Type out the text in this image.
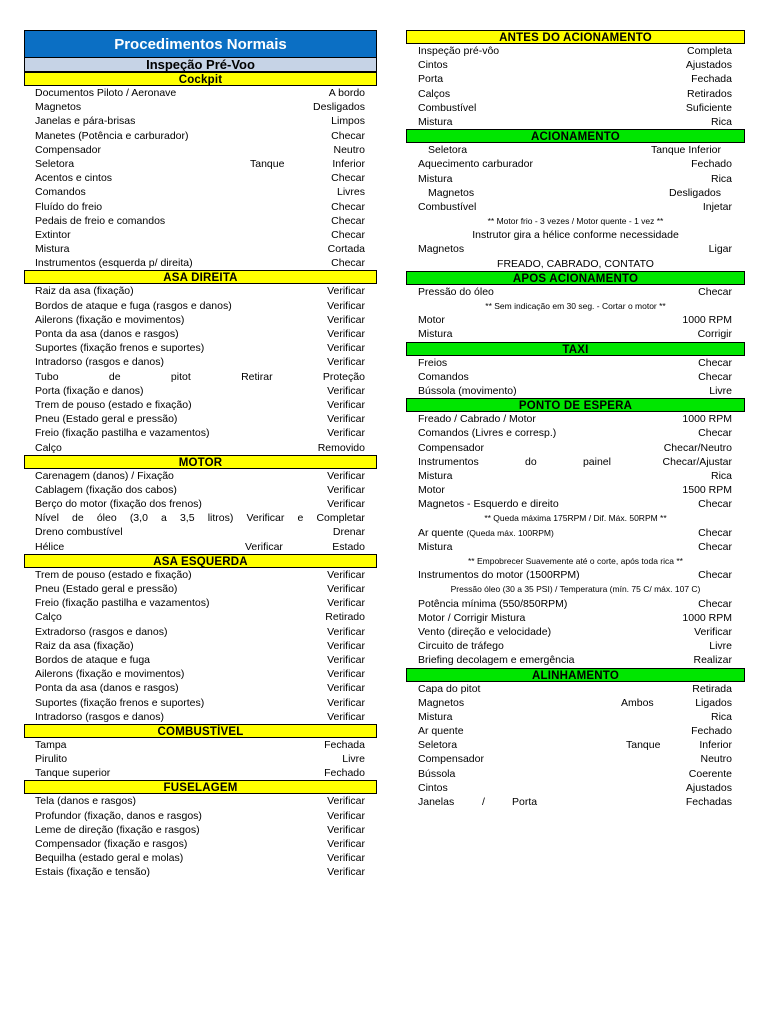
Procedimentos Normais
Inspeção Pré-Voo
Cockpit
Documentos Piloto / Aeronave	A bordo
Magnetos	Desligados
Janelas e pára-brisas	Limpos
Manetes (Potência e carburador)	Checar
Compensador	Neutro
Seletora	Tanque	Inferior
Acentos e cintos	Checar
Comandos	Livres
Fluído do freio	Checar
Pedais de freio e comandos	Checar
Extintor	Checar
Mistura	Cortada
Instrumentos (esquerda p/ direita)	Checar
ASA DIREITA
Raiz da asa (fixação)	Verificar
Bordos de ataque e fuga (rasgos e danos)	Verificar
Ailerons (fixação e movimentos)	Verificar
Ponta da asa (danos e rasgos)	Verificar
Suportes (fixação frenos e suportes)	Verificar
Intradorso (rasgos e danos)	Verificar
Tubo	de	pitot	Retirar	Proteção
Porta (fixação e danos)	Verificar
Trem de pouso (estado e fixação)	Verificar
Pneu (Estado geral e pressão)	Verificar
Freio (fixação pastilha e vazamentos)	Verificar
Calço	Removido
MOTOR
Carenagem (danos) / Fixação	Verificar
Cablagem (fixação dos cabos)	Verificar
Berço do motor (fixação dos frenos)	Verificar
Nível de óleo (3,0 a 3,5 litros) Verificar e Completar
Dreno combustível	Drenar
Hélice	Verificar	Estado
ASA ESQUERDA
Trem de pouso (estado e fixação)	Verificar
Pneu (Estado geral e pressão)	Verificar
Freio (fixação pastilha e vazamentos)	Verificar
Calço	Retirado
Extradorso (rasgos e danos)	Verificar
Raiz da asa (fixação)	Verificar
Bordos de ataque e fuga	Verificar
Ailerons (fixação e movimentos)	Verificar
Ponta da asa (danos e rasgos)	Verificar
Suportes (fixação frenos e suportes)	Verificar
Intradorso (rasgos e danos)	Verificar
COMBUSTÍVEL
Tampa	Fechada
Pirulito	Livre
Tanque superior	Fechado
FUSELAGEM
Tela (danos e rasgos)	Verificar
Profundor (fixação, danos e rasgos)	Verificar
Leme de direção (fixação e rasgos)	Verificar
Compensador (fixação e rasgos)	Verificar
Bequilha (estado geral e molas)	Verificar
Estais (fixação e tensão)	Verificar
ANTES DO ACIONAMENTO
Inspeção pré-vôo	Completa
Cintos	Ajustados
Porta	Fechada
Calços	Retirados
Combustível	Suficiente
Mistura	Rica
ACIONAMENTO
Seletora	Tanque Inferior
Aquecimento carburador	Fechado
Mistura	Rica
Magnetos	Desligados
Combustível	Injetar
** Motor frio - 3 vezes / Motor quente - 1 vez **
Instrutor gira a hélice conforme necessidade
Magnetos	Ligar
FREADO, CABRADO, CONTATO
APOS ACIONAMENTO
Pressão do óleo	Checar
** Sem indicação em 30 seg. - Cortar o motor **
Motor	1000 RPM
Mistura	Corrigir
TAXI
Freios	Checar
Comandos	Checar
Bússola (movimento)	Livre
PONTO DE ESPERA
Freado / Cabrado / Motor	1000 RPM
Comandos (Livres e corresp.)	Checar
Compensador	Checar/Neutro
Instrumentos	do	painel	Checar/Ajustar
Mistura	Rica
Motor	1500 RPM
Magnetos - Esquerdo e direito	Checar
** Queda máxima 175RPM / Dif. Máx. 50RPM **
Ar quente (Queda máx. 100RPM)	Checar
Mistura	Checar
** Empobrecer Suavemente até o corte, após toda rica **
Instrumentos do motor (1500RPM)	Checar
Pressão óleo (30 a 35 PSI) / Temperatura (mín. 75 C/ máx. 107 C)
Potência mínima (550/850RPM)	Checar
Motor / Corrigir Mistura	1000 RPM
Vento (direção e velocidade)	Verificar
Circuito de tráfego	Livre
Briefing decolagem e emergência	Realizar
ALINHAMENTO
Capa do pitot	Retirada
Magnetos	Ambos	Ligados
Mistura	Rica
Ar quente	Fechado
Seletora	Tanque	Inferior
Compensador	Neutro
Bússola	Coerente
Cintos	Ajustados
Janelas	/	Porta	Fechadas
